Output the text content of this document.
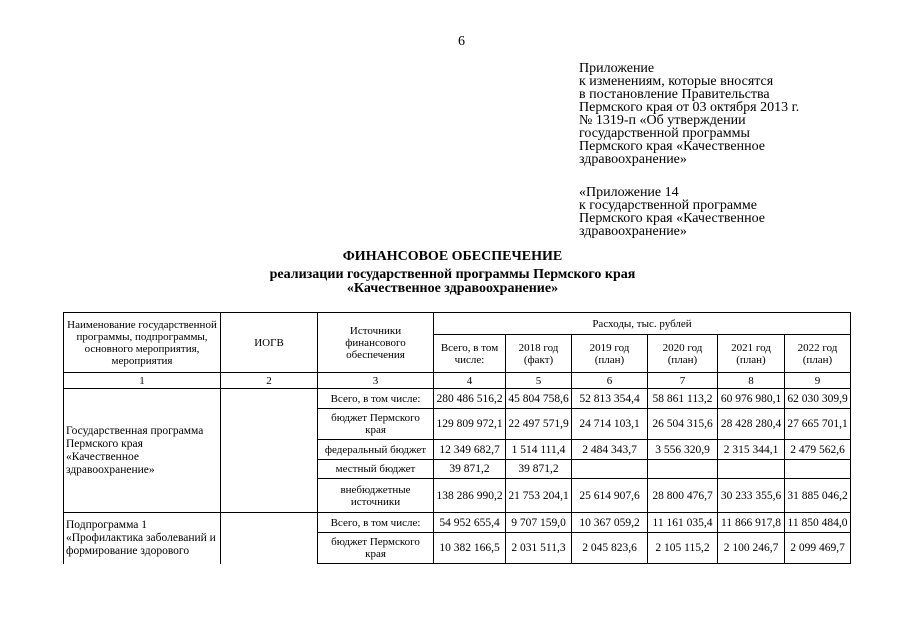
6
Приложение
к изменениям, которые вносятся
в постановление Правительства
Пермского края от 03 октября 2013 г.
№ 1319-п «Об утверждении
государственной программы
Пермского края «Качественное
здравоохранение»
«Приложение 14
к государственной программе
Пермского края «Качественное
здравоохранение»
ФИНАНСОВОЕ ОБЕСПЕЧЕНИЕ
реализации государственной программы Пермского края
«Качественное здравоохранение»
Наименование государственной программы, подпрограммы, основного мероприятия, мероприятия	ИОГВ	Источники финансового обеспечения	Расходы, тыс. рублей					
			Всего, в том числе:	2018 год (факт)	2019 год (план)	2020 год (план)	2021 год (план)	2022 год (план)
1	2	3	4	5	6	7	8	9
Государственная программа Пермского края «Качественное здравоохранение»		Всего, в том числе:	280 486 516,2	45 804 758,6	52 813 354,4	58 861 113,2	60 976 980,1	62 030 309,9
		бюджет Пермского края	129 809 972,1	22 497 571,9	24 714 103,1	26 504 315,6	28 428 280,4	27 665 701,1
		федеральный бюджет	12 349 682,7	1 514 111,4	2 484 343,7	3 556 320,9	2 315 344,1	2 479 562,6
		местный бюджет	39 871,2	39 871,2				
		внебюджетные источники	138 286 990,2	21 753 204,1	25 614 907,6	28 800 476,7	30 233 355,6	31 885 046,2
Подпрограмма 1 «Профилактика заболеваний и формирование здорового		Всего, в том числе:	54 952 655,4	9 707 159,0	10 367 059,2	11 161 035,4	11 866 917,8	11 850 484,0
		бюджет Пермского края	10 382 166,5	2 031 511,3	2 045 823,6	2 105 115,2	2 100 246,7	2 099 469,7
